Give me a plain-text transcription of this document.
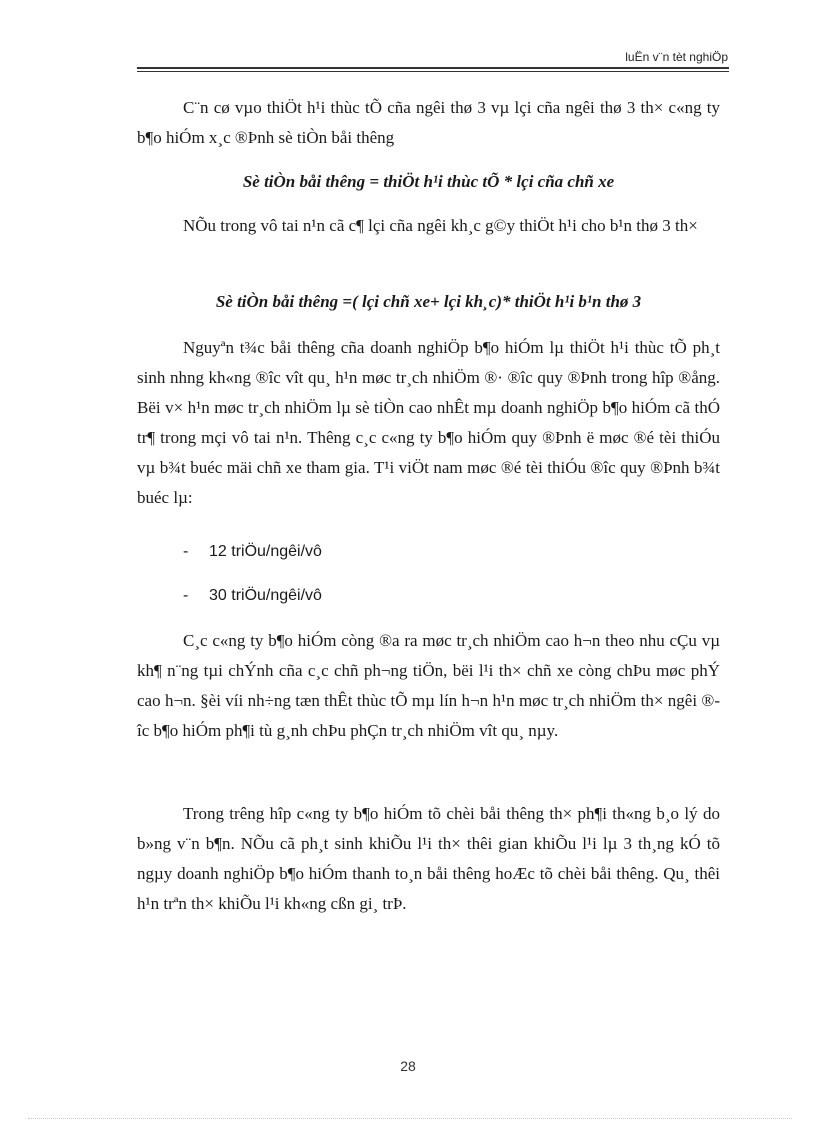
luËn v¨n tèt nghiÖp

C¨n cø vµo thiÖt h¹i thùc tÕ cña ngêi thø 3 vµ lçi cña ngêi thø 3 th× c«ng ty b¶o hiÓm x¸c ®Þnh sè tiÒn båi thêng

Sè tiÒn båi thêng = thiÖt h¹i thùc tÕ * lçi cña chñ xe

NÕu trong vô tai n¹n cã c¶ lçi cña ngêi kh¸c g©y thiÖt h¹i cho b¹n thø 3 th×

Sè tiÒn båi thêng =( lçi chñ xe+ lçi kh¸c)* thiÖt h¹i b¹n thø 3

Nguyªn t¾c båi thêng cña doanh nghiÖp b¶o hiÓm lµ thiÖt h¹i thùc tÕ ph¸t sinh nhng kh«ng ®îc vît qu¸ h¹n møc tr¸ch nhiÖm ®· ®îc quy ®Þnh trong hîp ®ång. Bëi v× h¹n møc tr¸ch nhiÖm lµ sè tiÒn cao nhÊt mµ doanh nghiÖp b¶o hiÓm cã thÓ tr¶ trong mçi vô tai n¹n. Thêng c¸c c«ng ty b¶o hiÓm quy ®Þnh ë møc ®é tèi thiÓu vµ b¾t buéc mäi chñ xe tham gia. T¹i viÖt nam møc ®é tèi thiÓu ®îc quy ®Þnh b¾t buéc lµ:

- 12 triÖu/ngêi/vô
- 30 triÖu/ngêi/vô

C¸c c«ng ty b¶o hiÓm còng ®a ra møc tr¸ch nhiÖm cao h¬n theo nhu cÇu vµ kh¶ n¨ng tµi chÝnh cña c¸c chñ ph¬ng tiÖn, bëi l¹i th× chñ xe còng chÞu møc phÝ cao h¬n. §èi víi nh÷ng tæn thÊt thùc tÕ mµ lín h¬n h¹n møc tr¸ch nhiÖm th× ngêi ®îc b¶o hiÓm ph¶i tù g¸nh chÞu phÇn tr¸ch nhiÖm vît qu¸ nµy.

Trong trêng hîp c«ng ty b¶o hiÓm tõ chèi båi thêng th× ph¶i th«ng b¸o lý do b»ng v¨n b¶n. NÕu cã ph¸t sinh khiÕu l¹i th× thêi gian khiÕu l¹i lµ 3 th¸ng kÓ tõ ngµy doanh nghiÖp b¶o hiÓm thanh to¸n båi thêng hoÆc tõ chèi båi thêng. Qu¸ thêi h¹n trªn th× khiÕu l¹i kh«ng cßn gi¸ trÞ.

28
